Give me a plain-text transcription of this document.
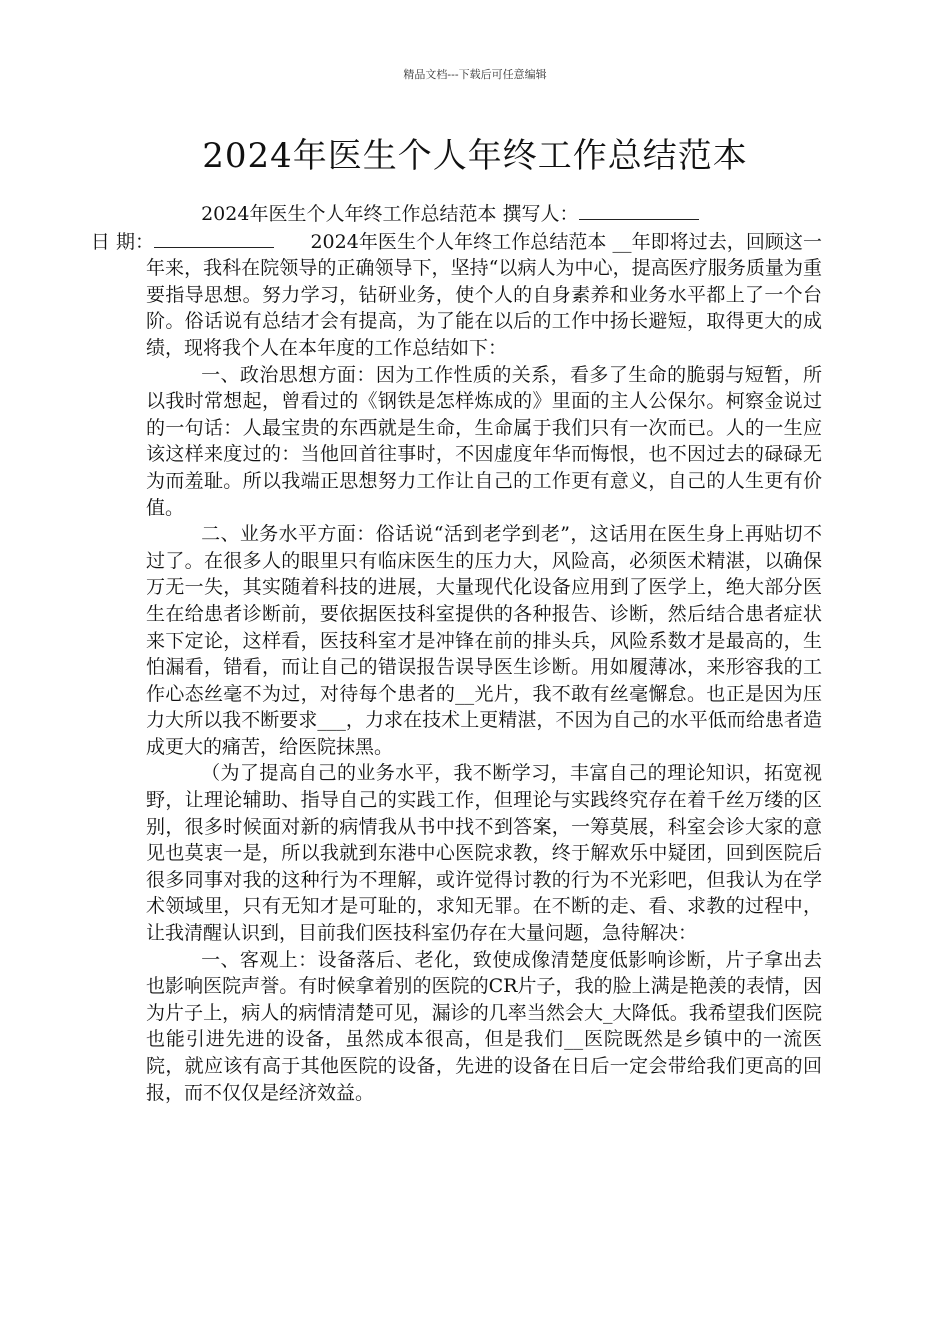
精品文档---下载后可任意编辑
2024年医生个人年终工作总结范本

2024年医生个人年终工作总结范本 撰写人：
日 期：	2024年医生个人年终工作总结范本 __年即将过去，回顾这一年来，我科在院领导的正确领导下，坚持“以病人为中心，提高医疗服务质量为重要指导思想。努力学习，钻研业务，使个人的自身素养和业务水平都上了一个台阶。俗话说有总结才会有提高，为了能在以后的工作中扬长避短，取得更大的成绩，现将我个人在本年度的工作总结如下：

一、政治思想方面：因为工作性质的关系，看多了生命的脆弱与短暂，所以我时常想起，曾看过的《钢铁是怎样炼成的》里面的主人公保尔。柯察金说过的一句话：人最宝贵的东西就是生命，生命属于我们只有一次而已。人的一生应该这样来度过的：当他回首往事时，不因虚度年华而悔恨，也不因过去的碌碌无为而羞耻。所以我端正思想努力工作让自己的工作更有意义，自己的人生更有价值。

二、业务水平方面：俗话说“活到老学到老”，这话用在医生身上再贴切不过了。在很多人的眼里只有临床医生的压力大，风险高，必须医术精湛，以确保万无一失，其实随着科技的进展，大量现代化设备应用到了医学上，绝大部分医生在给患者诊断前，要依据医技科室提供的各种报告、诊断，然后结合患者症状来下定论，这样看，医技科室才是冲锋在前的排头兵，风险系数才是最高的，生怕漏看，错看，而让自己的错误报告误导医生诊断。用如履薄冰，来形容我的工作心态丝毫不为过，对待每个患者的__光片，我不敢有丝毫懈怠。也正是因为压力大所以我不断要求___，力求在技术上更精湛，不因为自己的水平低而给患者造成更大的痛苦，给医院抹黑。

（为了提高自己的业务水平，我不断学习，丰富自己的理论知识，拓宽视野，让理论辅助、指导自己的实践工作，但理论与实践终究存在着千丝万缕的区别，很多时候面对新的病情我从书中找不到答案，一筹莫展，科室会诊大家的意见也莫衷一是，所以我就到东港中心医院求教，终于解欢乐中疑团，回到医院后很多同事对我的这种行为不理解，或许觉得讨教的行为不光彩吧，但我认为在学术领域里，只有无知才是可耻的，求知无罪。在不断的走、看、求教的过程中，让我清醒认识到，目前我们医技科室仍存在大量问题，急待解决：

一、客观上：设备落后、老化，致使成像清楚度低影响诊断，片子拿出去也影响医院声誉。有时候拿着别的医院的CR片子，我的脸上满是艳羡的表情，因为片子上，病人的病情清楚可见，漏诊的几率当然会大_大降低。我希望我们医院也能引进先进的设备，虽然成本很高，但是我们__医院既然是乡镇中的一流医院，就应该有高于其他医院的设备，先进的设备在日后一定会带给我们更高的回报，而不仅仅是经济效益。
